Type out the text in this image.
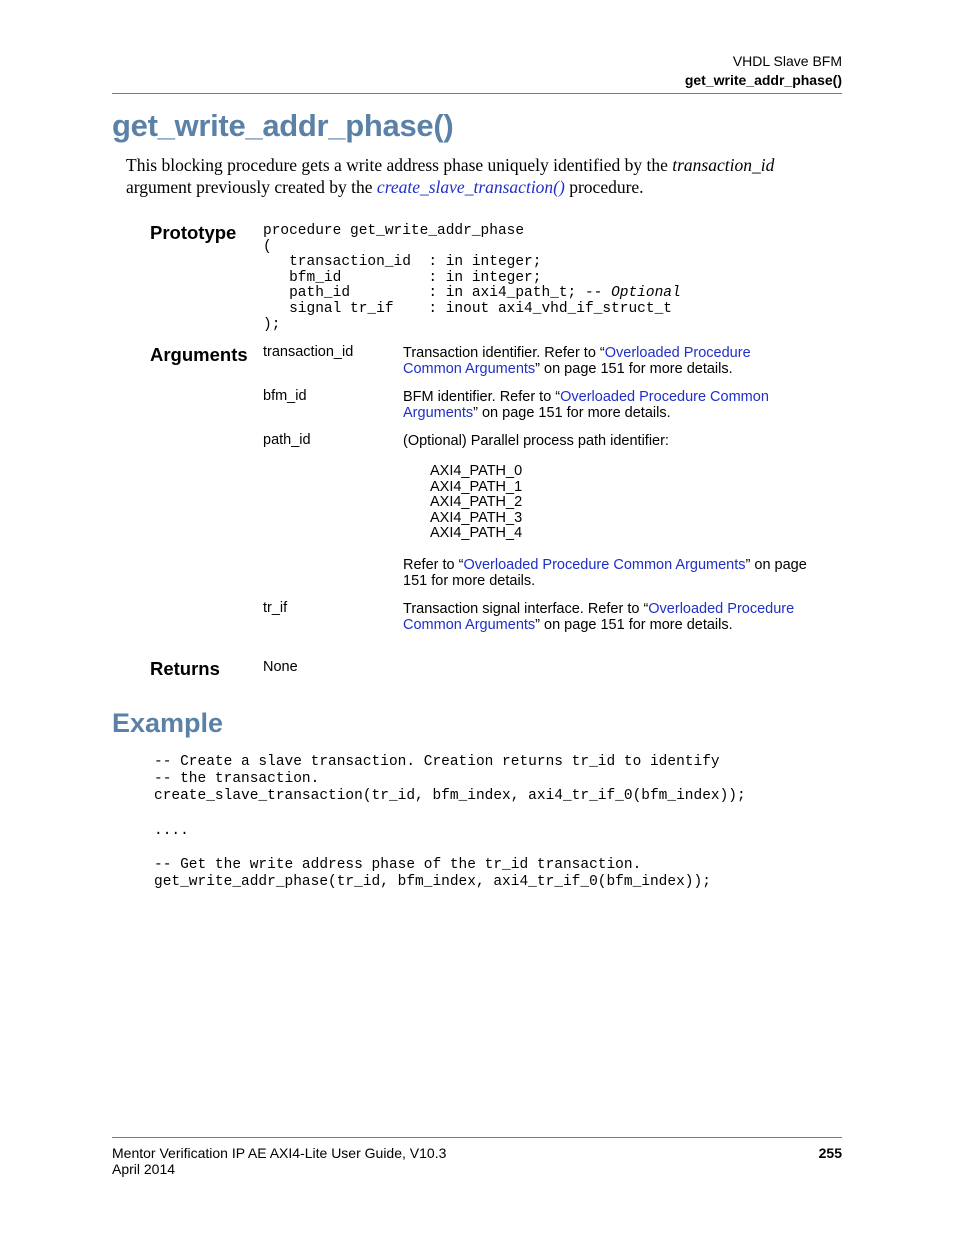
VHDL Slave BFM
get_write_addr_phase()
get_write_addr_phase()
This blocking procedure gets a write address phase uniquely identified by the transaction_id argument previously created by the create_slave_transaction() procedure.
Prototype procedure get_write_addr_phase
(
transaction_id  : in integer;
bfm_id          : in integer;
path_id         : in axi4_path_t; -- Optional
signal tr_if    : inout axi4_vhd_if_struct_t
);
Arguments transaction_id	Transaction identifier. Refer to “Overloaded Procedure Common Arguments” on page 151 for more details.
bfm_id	BFM identifier. Refer to “Overloaded Procedure Common Arguments” on page 151 for more details.
path_id	(Optional) Parallel process path identifier:
AXI4_PATH_0
AXI4_PATH_1
AXI4_PATH_2
AXI4_PATH_3
AXI4_PATH_4
Refer to “Overloaded Procedure Common Arguments” on page 151 for more details.
tr_if	Transaction signal interface. Refer to “Overloaded Procedure Common Arguments” on page 151 for more details.
Returns	None
Example
-- Create a slave transaction. Creation returns tr_id to identify
-- the transaction.
create_slave_transaction(tr_id, bfm_index, axi4_tr_if_0(bfm_index));

....

-- Get the write address phase of the tr_id transaction.
get_write_addr_phase(tr_id, bfm_index, axi4_tr_if_0(bfm_index));
Mentor Verification IP AE AXI4-Lite User Guide, V10.3
April 2014
255
